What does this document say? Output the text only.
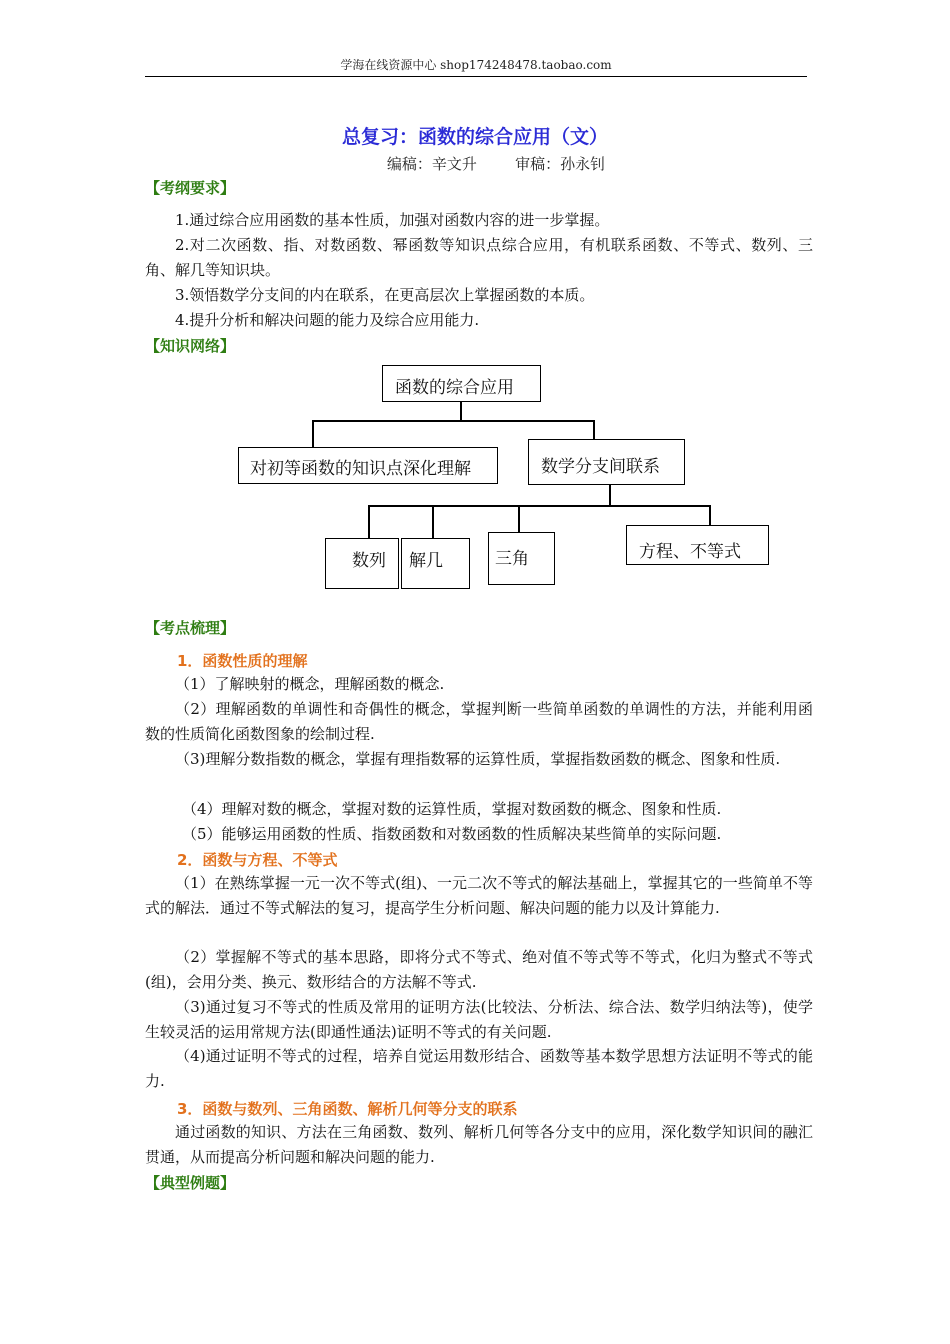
学海在线资源中心 shop174248478.taobao.com
总复习：函数的综合应用（文）
编稿：辛文升        审稿：孙永钊
【考纲要求】
1.通过综合应用函数的基本性质，加强对函数内容的进一步掌握。
2.对二次函数、指、对数函数、幂函数等知识点综合应用，有机联系函数、不等式、数列、三角、解几等知识块。
3.领悟数学分支间的内在联系，在更高层次上掌握函数的本质。
4.提升分析和解决问题的能力及综合应用能力.
【知识网络】
函数的综合应用
对初等函数的知识点深化理解	数学分支间联系
数列	解几	三角	方程、不等式
【考点梳理】
1．函数性质的理解
（1）了解映射的概念，理解函数的概念.
（2）理解函数的单调性和奇偶性的概念，掌握判断一些简单函数的单调性的方法，并能利用函数的性质简化函数图象的绘制过程.
（3)理解分数指数的概念，掌握有理指数幂的运算性质，掌握指数函数的概念、图象和性质.
（4）理解对数的概念，掌握对数的运算性质，掌握对数函数的概念、图象和性质.
（5）能够运用函数的性质、指数函数和对数函数的性质解决某些简单的实际问题.
2．函数与方程、不等式
（1）在熟练掌握一元一次不等式(组)、一元二次不等式的解法基础上，掌握其它的一些简单不等式的解法．通过不等式解法的复习，提高学生分析问题、解决问题的能力以及计算能力.
（2）掌握解不等式的基本思路，即将分式不等式、绝对值不等式等不等式，化归为整式不等式(组)，会用分类、换元、数形结合的方法解不等式.
（3)通过复习不等式的性质及常用的证明方法(比较法、分析法、综合法、数学归纳法等)，使学生较灵活的运用常规方法(即通性通法)证明不等式的有关问题.
（4)通过证明不等式的过程，培养自觉运用数形结合、函数等基本数学思想方法证明不等式的能力.
3．函数与数列、三角函数、解析几何等分支的联系
通过函数的知识、方法在三角函数、数列、解析几何等各分支中的应用，深化数学知识间的融汇贯通，从而提高分析问题和解决问题的能力.
【典型例题】
